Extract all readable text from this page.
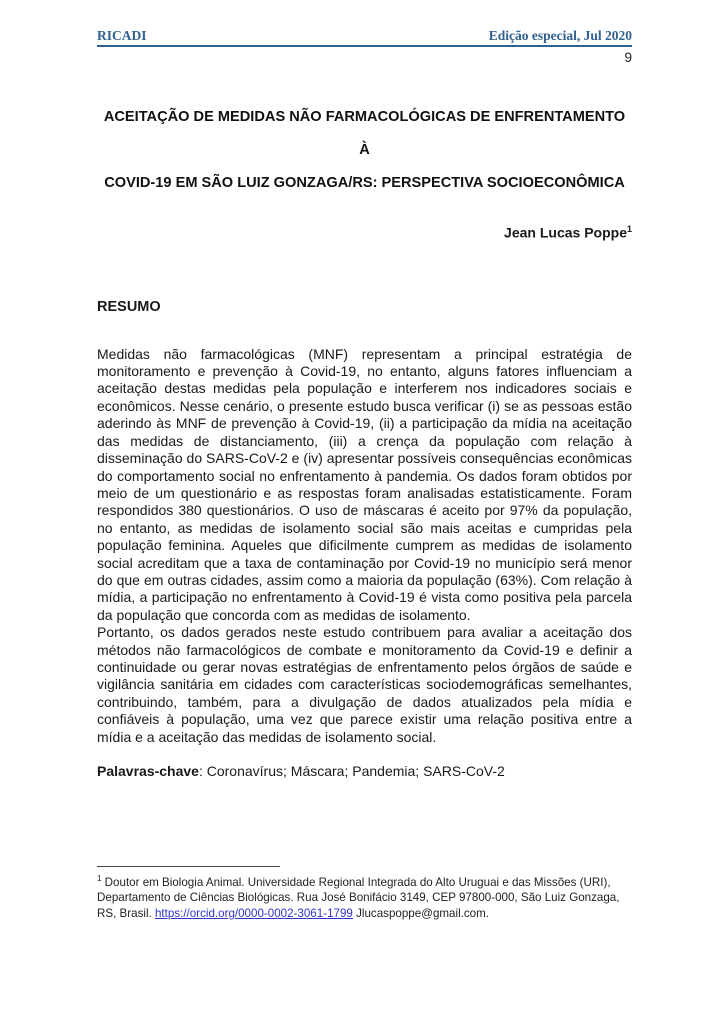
RICADI	Edição especial, Jul 2020
9
ACEITAÇÃO DE MEDIDAS NÃO FARMACOLÓGICAS DE ENFRENTAMENTO À
COVID-19 EM SÃO LUIZ GONZAGA/RS: PERSPECTIVA SOCIOECONÔMICA
Jean Lucas Poppe$^1$
RESUMO

Medidas não farmacológicas (MNF) representam a principal estratégia de monitoramento e prevenção à Covid-19, no entanto, alguns fatores influenciam a aceitação destas medidas pela população e interferem nos indicadores sociais e econômicos. Nesse cenário, o presente estudo busca verificar (i) se as pessoas estão aderindo às MNF de prevenção à Covid-19, (ii) a participação da mídia na aceitação das medidas de distanciamento, (iii) a crença da população com relação à disseminação do SARS-CoV-2 e (iv) apresentar possíveis consequências econômicas do comportamento social no enfrentamento à pandemia. Os dados foram obtidos por meio de um questionário e as respostas foram analisadas estatisticamente. Foram respondidos 380 questionários. O uso de máscaras é aceito por 97% da população, no entanto, as medidas de isolamento social são mais aceitas e cumpridas pela população feminina. Aqueles que dificilmente cumprem as medidas de isolamento social acreditam que a taxa de contaminação por Covid-19 no município será menor do que em outras cidades, assim como a maioria da população (63%). Com relação à mídia, a participação no enfrentamento à Covid-19 é vista como positiva pela parcela da população que concorda com as medidas de isolamento.

Portanto, os dados gerados neste estudo contribuem para avaliar a aceitação dos métodos não farmacológicos de combate e monitoramento da Covid-19 e definir a continuidade ou gerar novas estratégias de enfrentamento pelos órgãos de saúde e vigilância sanitária em cidades com características sociodemográficas semelhantes, contribuindo, também, para a divulgação de dados atualizados pela mídia e confiáveis à população, uma vez que parece existir uma relação positiva entre a mídia e a aceitação das medidas de isolamento social.

Palavras-chave: Coronavírus; Máscara; Pandemia; SARS-CoV-2
$^1$ Doutor em Biologia Animal. Universidade Regional Integrada do Alto Uruguai e das Missões (URI), Departamento de Ciências Biológicas. Rua José Bonifácio 3149, CEP 97800-000, São Luiz Gonzaga, RS, Brasil. https://orcid.org/0000-0002-3061-1799 Jlucaspoppe@gmail.com.
